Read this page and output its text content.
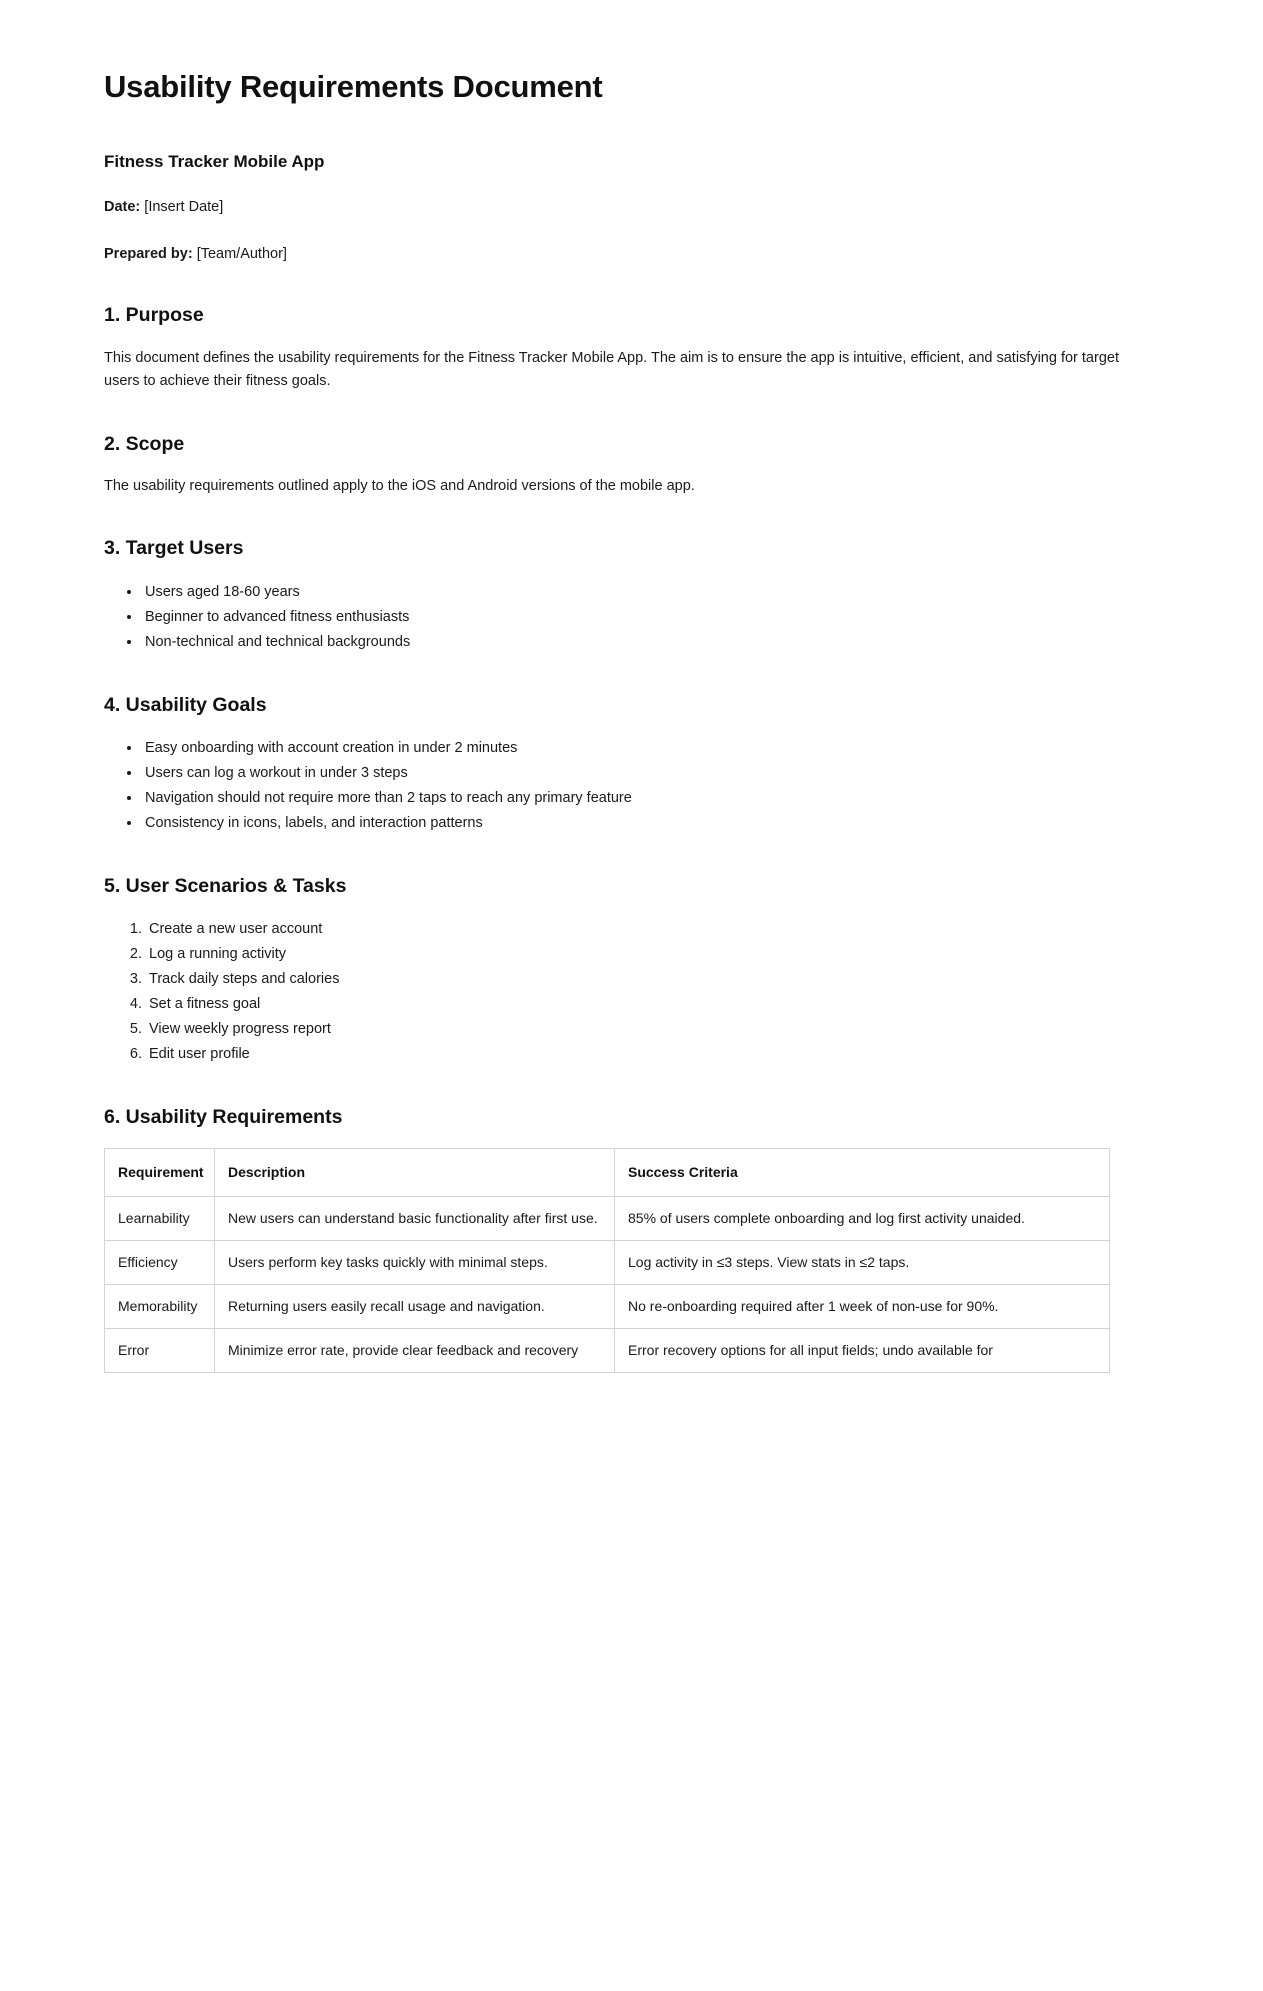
Usability Requirements Document
Fitness Tracker Mobile App

Date: [Insert Date]

Prepared by: [Team/Author]

1. Purpose

This document defines the usability requirements for the Fitness Tracker Mobile App. The aim is to ensure the app is intuitive, efficient, and satisfying for target users to achieve their fitness goals.

2. Scope

The usability requirements outlined apply to the iOS and Android versions of the mobile app.

3. Target Users
• Users aged 18-60 years
• Beginner to advanced fitness enthusiasts
• Non-technical and technical backgrounds
4. Usability Goals
• Easy onboarding with account creation in under 2 minutes
• Users can log a workout in under 3 steps
• Navigation should not require more than 2 taps to reach any primary feature
• Consistency in icons, labels, and interaction patterns
5. User Scenarios & Tasks
1. Create a new user account
2. Log a running activity
3. Track daily steps and calories
4. Set a fitness goal
5. View weekly progress report
6. Edit user profile
6. Usability Requirements
Requirement	Description	Success Criteria
Learnability	New users can understand basic functionality after first use.	85% of users complete onboarding and log first activity unaided.
Efficiency	Users perform key tasks quickly with minimal steps.	Log activity in ≤3 steps. View stats in ≤2 taps.
Memorability	Returning users easily recall usage and navigation.	No re-onboarding required after 1 week of non-use for 90%.
Error	Minimize error rate, provide clear feedback and recovery	Error recovery options for all input fields; undo available for
